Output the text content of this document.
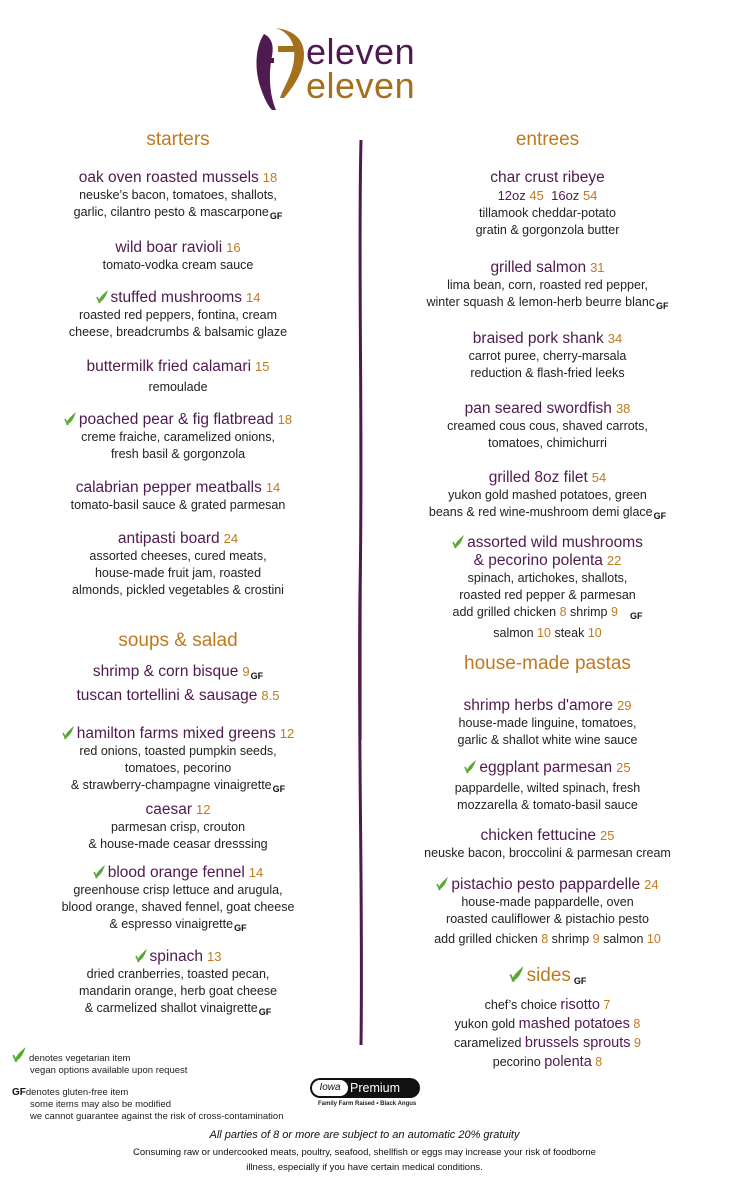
eleven
eleven
starters
oak oven roasted mussels 18
neuske’s bacon, tomatoes, shallots,
garlic, cilantro pesto & mascarpone$_{GF}$
wild boar ravioli 16
tomato-vodka cream sauce
stuffed mushrooms 14
roasted red peppers, fontina, cream
cheese, breadcrumbs & balsamic glaze
buttermilk fried calamari 15
remoulade
poached pear & fig flatbread 18
creme fraiche, caramelized onions,
fresh basil & gorgonzola
calabrian pepper meatballs 14
tomato-basil sauce & grated parmesan
antipasti board 24
assorted cheeses, cured meats,
house-made fruit jam, roasted
almonds, pickled vegetables & crostini
soups & salad
shrimp & corn bisque 9GF
tuscan tortellini & sausage 8.5
hamilton farms mixed greens 12
red onions, toasted pumpkin seeds,
tomatoes, pecorino
& strawberry-champagne vinaigrette$_{GF}$
caesar 12
parmesan crisp, crouton
& house-made ceasar dresssing
blood orange fennel 14
greenhouse crisp lettuce and arugula,
blood orange, shaved fennel, goat cheese
& espresso vinaigrette$_{GF}$
spinach 13
dried cranberries, toasted pecan,
mandarin orange, herb goat cheese
& carmelized shallot vinaigrette$_{GF}$
entrees
char crust ribeye
12oz 45 16oz 54
tillamook cheddar-potato
gratin & gorgonzola butter
grilled salmon 31
lima bean, corn, roasted red pepper,
winter squash & lemon-herb beurre blanc$_{GF}$
braised pork shank 34
carrot puree, cherry-marsala
reduction & flash-fried leeks
pan seared swordfish 38
creamed cous cous, shaved carrots,
tomatoes, chimichurri
grilled 8oz filet 54
yukon gold mashed potatoes, green
beans & red wine-mushroom demi glace$_{GF}$
assorted wild mushrooms
& pecorino polenta 22
spinach, artichokes, shallots,
roasted red pepper & parmesan
add grilled chicken 8 shrimp 9 $_{GF}$
salmon 10 steak 10
house-made pastas
shrimp herbs d'amore 29
house-made linguine, tomatoes,
garlic & shallot white wine sauce
eggplant parmesan 25
pappardelle, wilted spinach, fresh
mozzarella & tomato-basil sauce
chicken fettucine 25
neuske bacon, broccolini & parmesan cream
pistachio pesto pappardelle 24
house-made pappardelle, oven
roasted cauliflower & pistachio pesto
add grilled chicken 8 shrimp 9 salmon 10
sides GF
chef’s choice risotto 7
yukon gold mashed potatoes 8
caramelized brussels sprouts 9
pecorino polenta 8
denotes vegetarian item
vegan options available upon request
GFdenotes gluten-free item
some items may also be modified
we cannot guarantee against the risk of cross-contamination
Iowa Premium
Family Farm Raised • Black Angus
All parties of 8 or more are subject to an automatic 20% gratuity
Consuming raw or undercooked meats, poultry, seafood, shellfish or eggs may increase your risk of foodborne
illness, especially if you have certain medical conditions.
